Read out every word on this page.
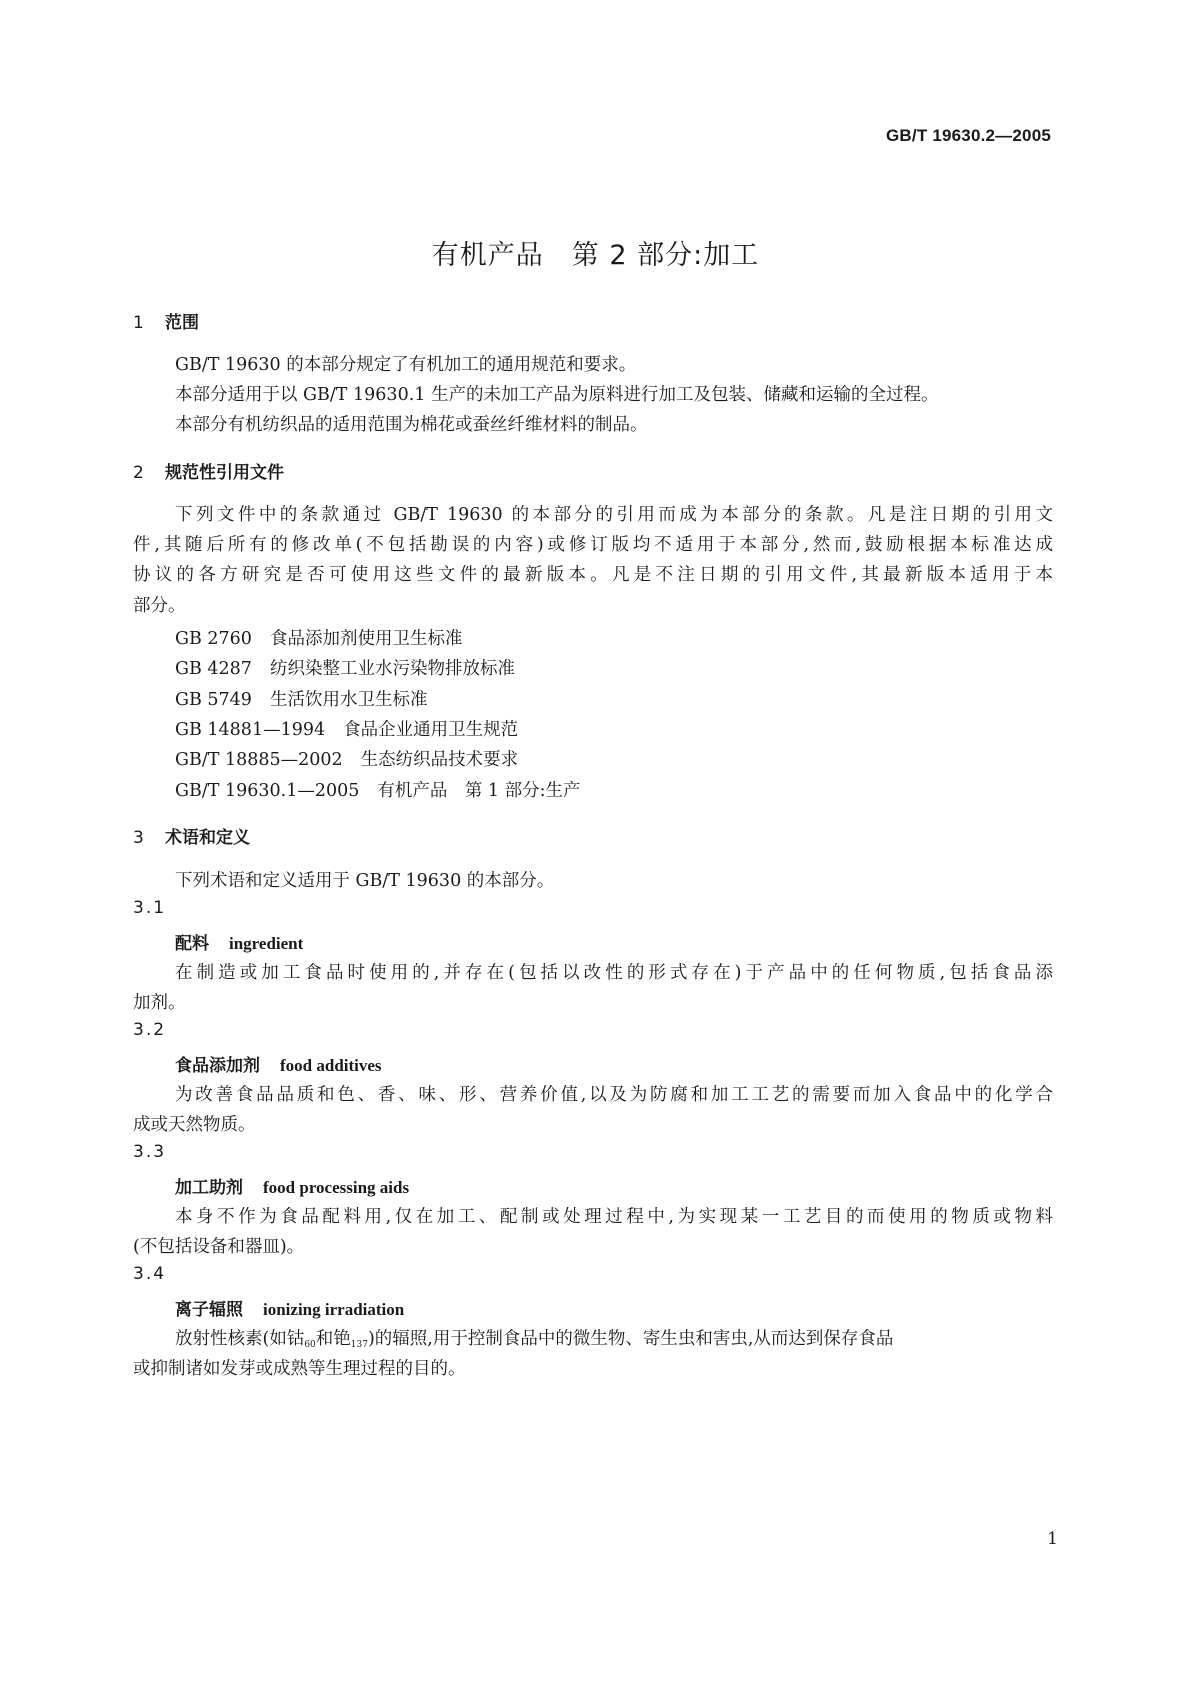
GB/T 19630.2—2005
有机产品　第 2 部分:加工
1 范围
GB/T 19630 的本部分规定了有机加工的通用规范和要求。
本部分适用于以 GB/T 19630.1 生产的未加工产品为原料进行加工及包装、储藏和运输的全过程。
本部分有机纺织品的适用范围为棉花或蚕丝纤维材料的制品。
2 规范性引用文件
下列文件中的条款通过 GB/T 19630 的本部分的引用而成为本部分的条款。凡是注日期的引用文
件,其随后所有的修改单(不包括勘误的内容)或修订版均不适用于本部分,然而,鼓励根据本标准达成
协议的各方研究是否可使用这些文件的最新版本。凡是不注日期的引用文件,其最新版本适用于本
部分。
GB 2760 食品添加剂使用卫生标准
GB 4287 纺织染整工业水污染物排放标准
GB 5749 生活饮用水卫生标准
GB 14881—1994 食品企业通用卫生规范
GB/T 18885—2002 生态纺织品技术要求
GB/T 19630.1—2005 有机产品　第 1 部分:生产
3 术语和定义
下列术语和定义适用于 GB/T 19630 的本部分。
3.1
配料 ingredient
在制造或加工食品时使用的,并存在(包括以改性的形式存在)于产品中的任何物质,包括食品添
加剂。
3.2
食品添加剂 food additives
为改善食品品质和色、香、味、形、营养价值,以及为防腐和加工工艺的需要而加入食品中的化学合
成或天然物质。
3.3
加工助剂 food processing aids
本身不作为食品配料用,仅在加工、配制或处理过程中,为实现某一工艺目的而使用的物质或物料
(不包括设备和器皿)。
3.4
离子辐照 ionizing irradiation
放射性核素(如钴$_{60}$和铯$_{137}$)的辐照,用于控制食品中的微生物、寄生虫和害虫,从而达到保存食品
或抑制诸如发芽或成熟等生理过程的目的。
1
